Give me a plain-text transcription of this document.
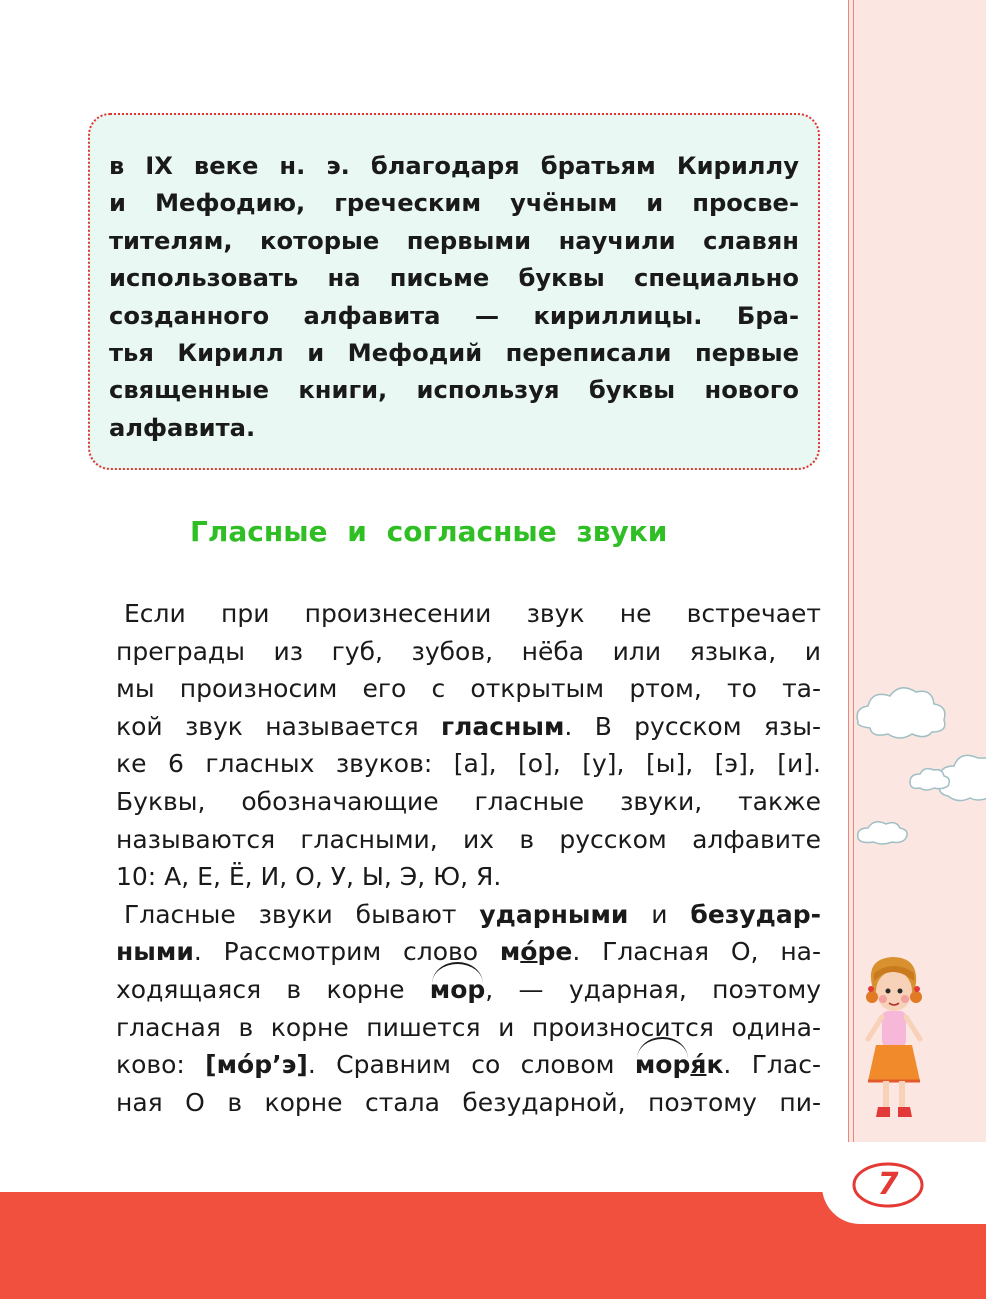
в IX веке н. э. благодаря братьям Кириллу
и Мефодию, греческим учёным и просве-
тителям, которые первыми научили славян
использовать на письме буквы специально
созданного алфавита — кириллицы. Бра-
тья Кирилл и Мефодий переписали первые
священные книги, используя буквы нового
алфавита.
Гласные и согласные звуки
Если при произнесении звук не встречает
преграды из губ, зубов, нёба или языка, и
мы произносим его с открытым ртом, то та-
кой звук называется гласным. В русском язы-
ке 6 гласных звуков: [а], [о], [у], [ы], [э], [и].
Буквы, обозначающие гласные звуки, также
называются гласными, их в русском алфавите
10: А, Е, Ё, И, О, У, Ы, Э, Ю, Я.
Гласные звуки бывают ударными и безудар-
ными. Рассмотрим слово мо́ре. Гласная О, на-
ходящаяся в корне
мор, — ударная, поэтому
гласная в корне пишется и произносится одина-
ково: [мо́р’э]. Сравним со словом
моря́к. Глас-
ная О в корне стала безударной, поэтому пи-
7
